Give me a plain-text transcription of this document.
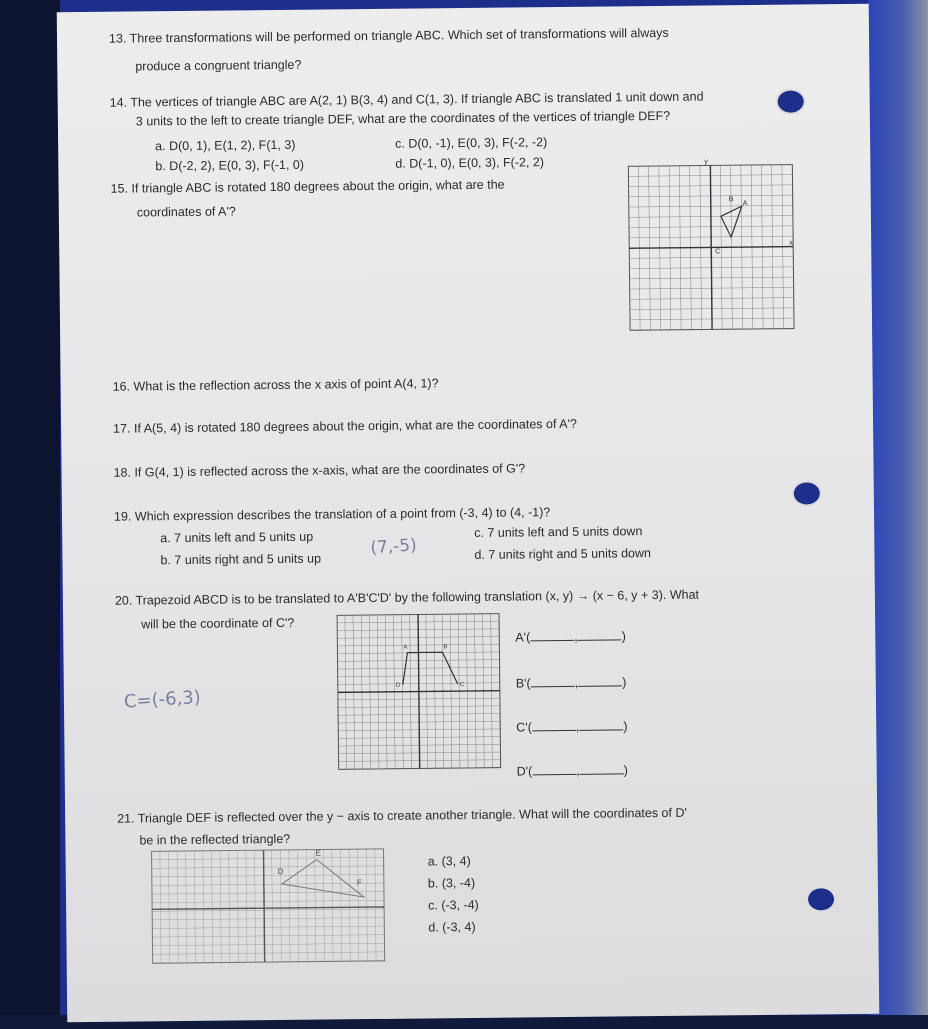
13. Three transformations will be performed on triangle ABC. Which set of transformations will always
produce a congruent triangle?
14. The vertices of triangle ABC are A(2, 1) B(3, 4) and C(1, 3). If triangle ABC is translated 1 unit down and
3 units to the left to create triangle DEF, what are the coordinates of the vertices of triangle DEF?
a. D(0, 1), E(1, 2), F(1, 3)
b. D(-2, 2), E(0, 3), F(-1, 0)
c. D(0, -1), E(0, 3), F(-2, -2)
d. D(-1, 0), E(0, 3), F(-2, 2)
15. If triangle ABC is rotated 180 degrees about the origin, what are the
coordinates of A'?
A
B
C
x
y
16. What is the reflection across the x axis of point A(4, 1)?
17. If A(5, 4) is rotated 180 degrees about the origin, what are the coordinates of A'?
18. If G(4, 1) is reflected across the x-axis, what are the coordinates of G'?
19. Which expression describes the translation of a point from (-3, 4) to (4, -1)?
a. 7 units left and 5 units up
b. 7 units right and 5 units up
c. 7 units left and 5 units down
d. 7 units right and 5 units down
(7,-5)
20. Trapezoid ABCD is to be translated to A'B'C'D' by the following translation (x, y) → (x − 6, y + 3). What
will be the coordinate of C'?
A	B
C
D
C=(-6,3)
A'(	,	)
B'(	,	)
C'(	,	)
D'(	,	)
21. Triangle DEF is reflected over the y − axis to create another triangle. What will the coordinates of D'
be in the reflected triangle?
D
E
F
a. (3, 4)
b. (3, -4)
c. (-3, -4)
d. (-3, 4)
